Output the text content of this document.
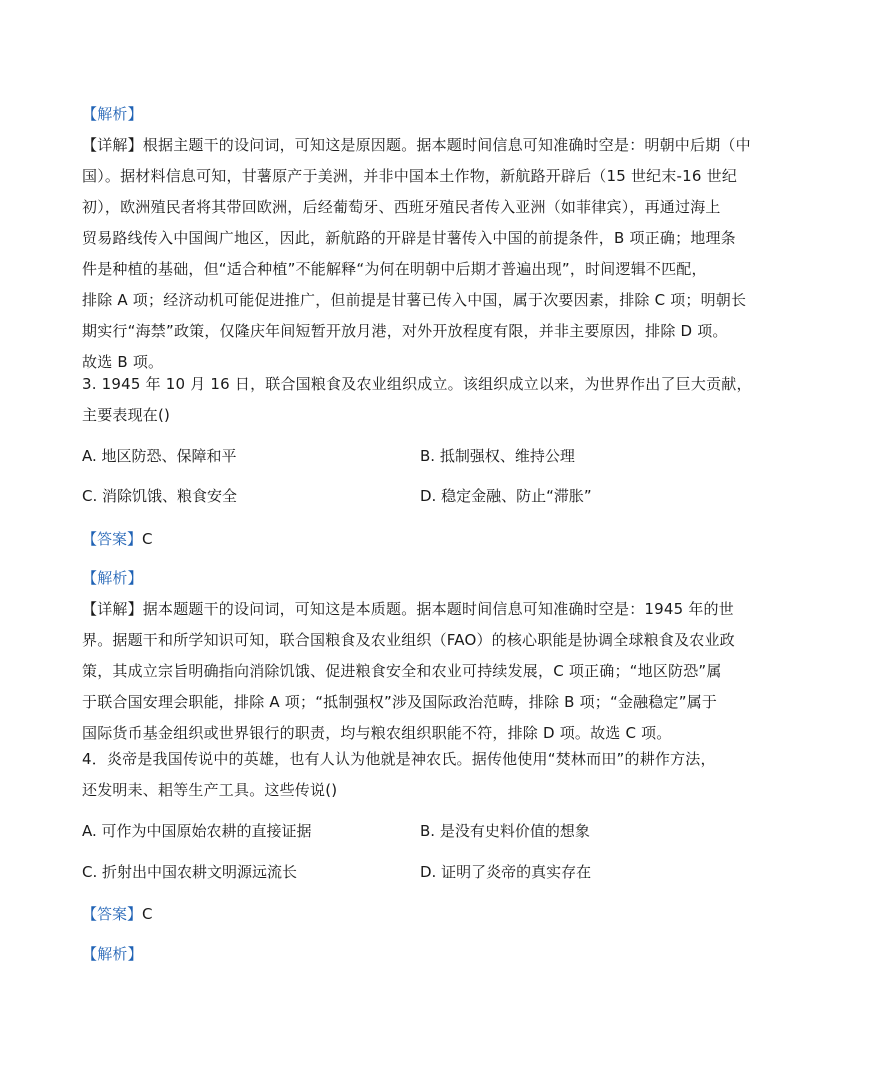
【解析】
【详解】根据主题干的设问词，可知这是原因题。据本题时间信息可知准确时空是：明朝中后期（中
国）。据材料信息可知，甘薯原产于美洲，并非中国本土作物，新航路开辟后（15 世纪末-16 世纪
初），欧洲殖民者将其带回欧洲，后经葡萄牙、西班牙殖民者传入亚洲（如菲律宾），再通过海上
贸易路线传入中国闽广地区，因此，新航路的开辟是甘薯传入中国的前提条件，B 项正确；地理条
件是种植的基础，但“适合种植”不能解释“为何在明朝中后期才普遍出现”，时间逻辑不匹配，
排除 A 项；经济动机可能促进推广，但前提是甘薯已传入中国，属于次要因素，排除 C 项；明朝长
期实行“海禁”政策，仅隆庆年间短暂开放月港，对外开放程度有限，并非主要原因，排除 D 项。
故选 B 项。
3. 1945 年 10 月 16 日，联合国粮食及农业组织成立。该组织成立以来，为世界作出了巨大贡献，
主要表现在()
A. 地区防恐、保障和平	B. 抵制强权、维持公理
C. 消除饥饿、粮食安全	D. 稳定金融、防止“滞胀”
【答案】C
【解析】
【详解】据本题题干的设问词，可知这是本质题。据本题时间信息可知准确时空是：1945 年的世
界。据题干和所学知识可知，联合国粮食及农业组织（FAO）的核心职能是协调全球粮食及农业政
策，其成立宗旨明确指向消除饥饿、促进粮食安全和农业可持续发展，C 项正确；“地区防恐”属
于联合国安理会职能，排除 A 项；“抵制强权”涉及国际政治范畴，排除 B 项；“金融稳定”属于
国际货币基金组织或世界银行的职责，均与粮农组织职能不符，排除 D 项。故选 C 项。
4．炎帝是我国传说中的英雄，也有人认为他就是神农氏。据传他使用“焚林而田”的耕作方法，
还发明耒、耜等生产工具。这些传说()
A. 可作为中国原始农耕的直接证据	B. 是没有史料价值的想象
C. 折射出中国农耕文明源远流长	D. 证明了炎帝的真实存在
【答案】C
【解析】
